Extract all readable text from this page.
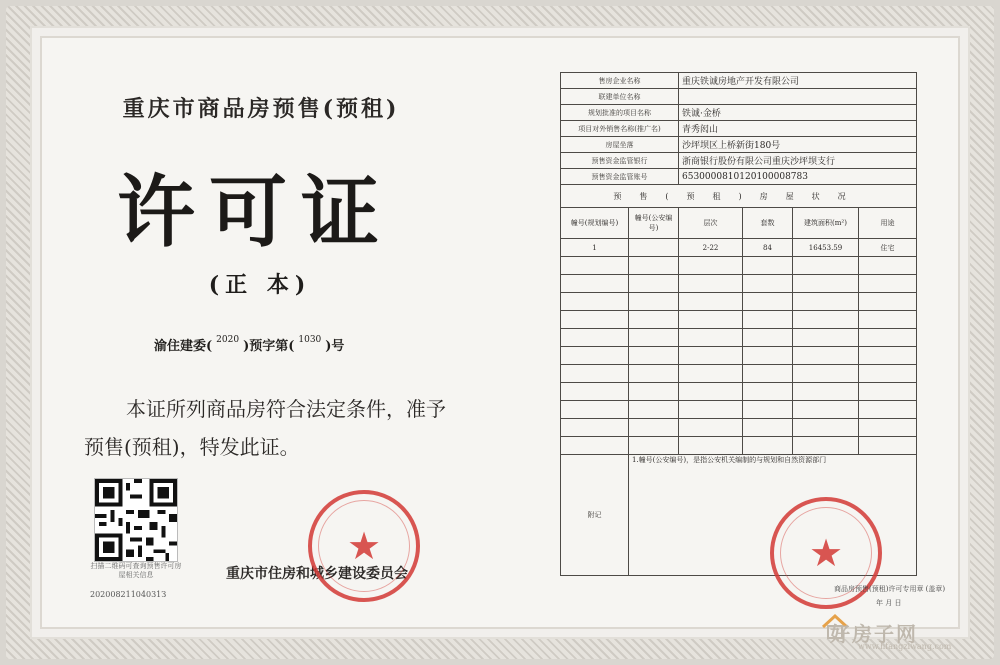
重庆市商品房预售(预租)
许可证
(正 本)
渝住建委( $^{2020}$ )预字第( $^{1030}$ )号
本证所列商品房符合法定条件，准予预售(预租)，特发此证。
扫描二维码可查询预售许可房屋相关信息
20200821104031З
重庆市住房和城乡建设委员会
★
售房企业名称		重庆铁诚房地产开发有限公司			
联建单位名称					
规划批准的项目名称		铁诚·金桥			
项目对外销售名称(推广名)		青秀闳山			
房屋坐落		沙坪坝区上桥新街180号			
预售资金监管银行		浙商银行股份有限公司重庆沙坪坝支行			
预售资金监管账号		6530000810120100008783			
预售(预租)房屋状况					
幢号(规划编号)	幢号(公安编号)	层次	套数	建筑面积(m²)	用途
1		2-22	84	16453.59	住宅

附记	1.幢号(公安编号)，是指公安机关编制的与规划和自然资源部门				
★
商品房预售(预租)许可专用章 (盖章)
年 月 日
好房子网
www.hfangziwang.com
